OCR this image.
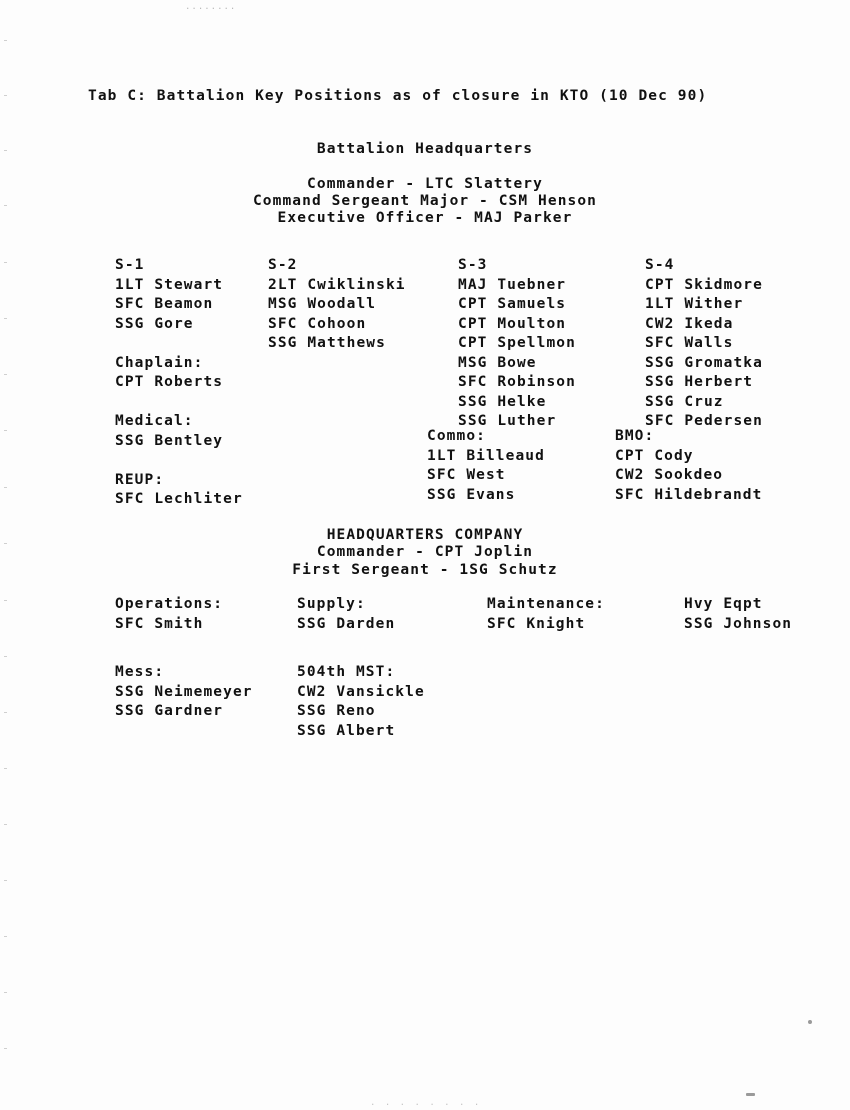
........
. . . . . . . .
Tab C: Battalion Key Positions as of closure in KTO (10 Dec 90)
Battalion Headquarters
Commander - LTC Slattery
Command Sergeant Major - CSM Henson
Executive Officer - MAJ Parker
S-1
1LT Stewart
SFC Beamon
SSG Gore
Chaplain:
CPT Roberts
Medical:
SSG Bentley
REUP:
SFC Lechliter
S-2
2LT Cwiklinski
MSG Woodall
SFC Cohoon
SSG Matthews
S-3
MAJ Tuebner
CPT Samuels
CPT Moulton
CPT Spellmon
MSG Bowe
SFC Robinson
SSG Helke
SSG Luther
S-4
CPT Skidmore
1LT Wither
CW2 Ikeda
SFC Walls
SSG Gromatka
SSG Herbert
SSG Cruz
SFC Pedersen
Commo:
1LT Billeaud
SFC West
SSG Evans
BMO:
CPT Cody
CW2 Sookdeo
SFC Hildebrandt
HEADQUARTERS COMPANY
Commander - CPT Joplin
First Sergeant - 1SG Schutz
Operations:
SFC Smith
Supply:
SSG Darden
Maintenance:
SFC Knight
Hvy Eqpt
SSG Johnson
Mess:
SSG Neimemeyer
SSG Gardner
504th MST:
CW2 Vansickle
SSG Reno
SSG Albert
